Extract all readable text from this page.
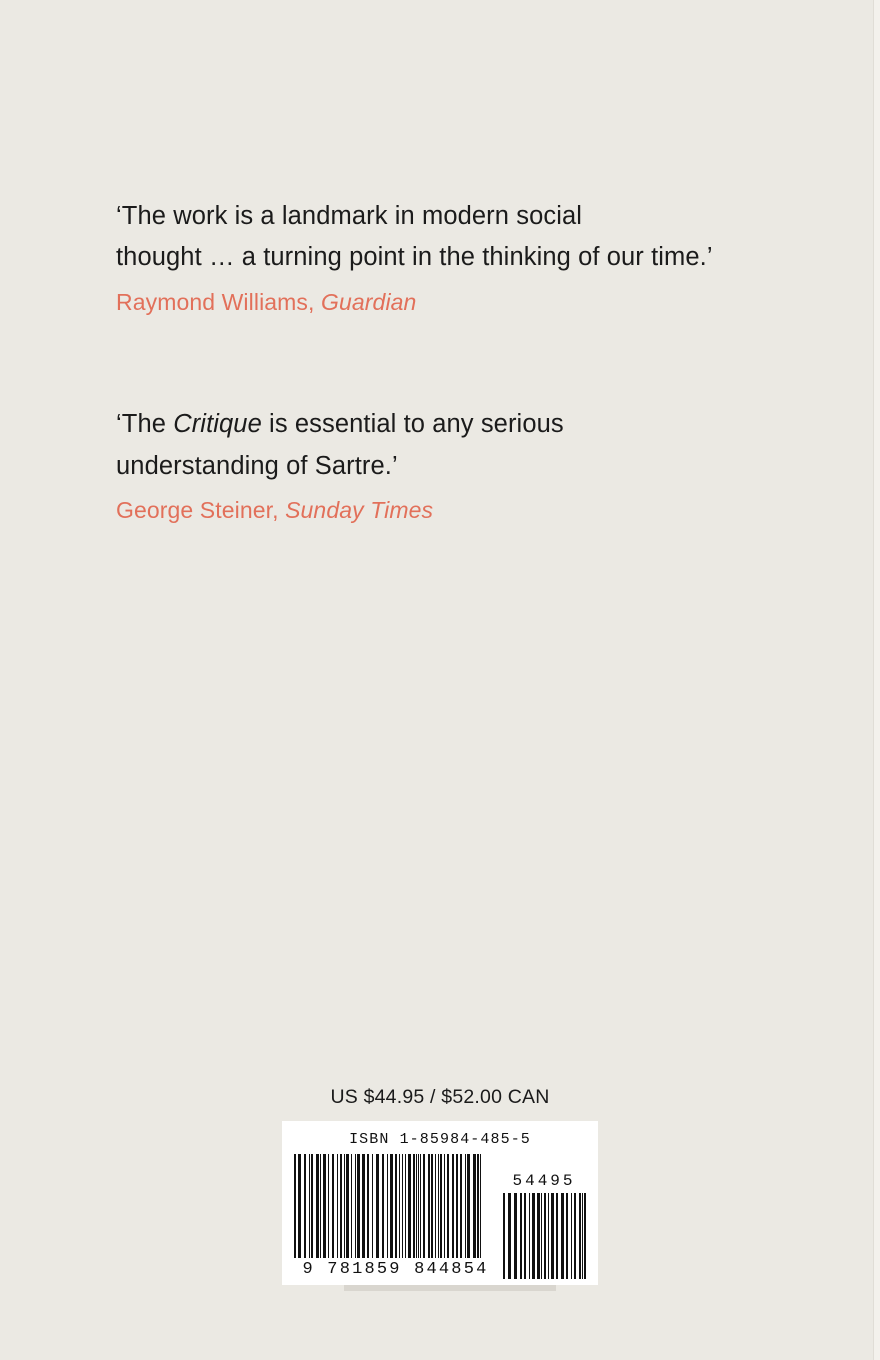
‘The work is a landmark in modern social
thought … a turning point in the thinking of our time.’
Raymond Williams, Guardian
‘The Critique is essential to any serious
understanding of Sartre.’
George Steiner, Sunday Times
US $44.95 / $52.00 CAN
ISBN 1-85984-485-5
9 781859 844854
54495
